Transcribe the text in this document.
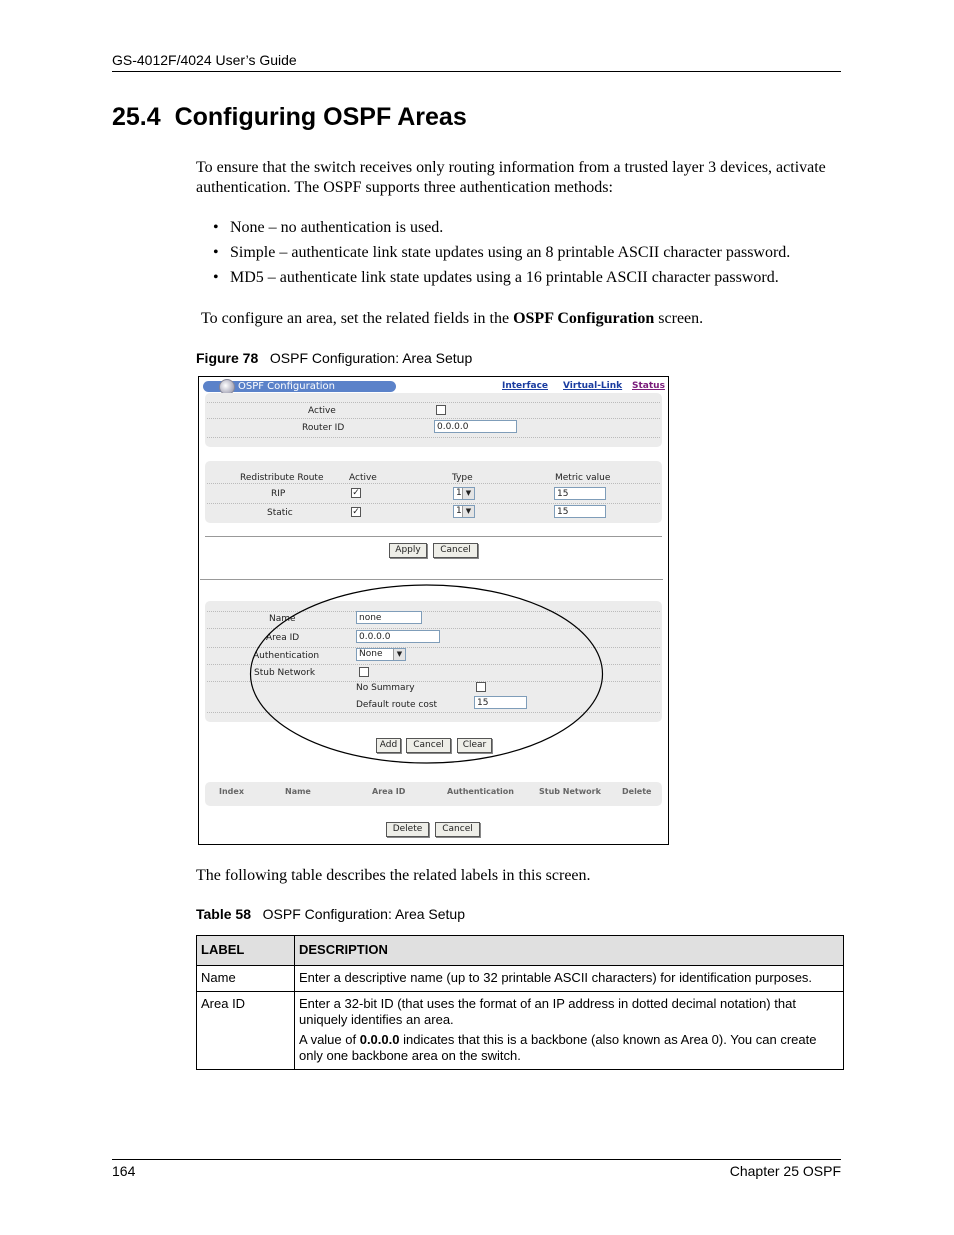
GS-4012F/4024 User’s Guide
25.4 Configuring OSPF Areas
To ensure that the switch receives only routing information from a trusted layer 3 devices, activate authentication. The OSPF supports three authentication methods:
• None – no authentication is used.
• Simple – authenticate link state updates using an 8 printable ASCII character password.
• MD5 – authenticate link state updates using a 16 printable ASCII character password.
To configure an area, set the related fields in the OSPF Configuration screen.
Figure 78 OSPF Configuration: Area Setup
OSPF Configuration	Interface Virtual-Link Status
Active
Router ID	0.0.0.0
Redistribute Route	Active	Type	Metric value
RIP	✓	1 ▼	15
Static	✓	1 ▼	15
Apply	Cancel
Name	none
Area ID	0.0.0.0
Authentication	None	▼
Stub Network
No Summary
Default route cost	15
Add	Cancel	Clear
Index	Name	Area ID	Authentication	Stub Network	Delete
Delete	Cancel
The following table describes the related labels in this screen.
Table 58 OSPF Configuration: Area Setup
LABEL	DESCRIPTION
Name	Enter a descriptive name (up to 32 printable ASCII characters) for identification purposes.

Area ID	Enter a 32-bit ID (that uses the format of an IP address in dotted decimal notation) that uniquely identifies an area.

A value of 0.0.0.0 indicates that this is a backbone (also known as Area 0). You can create only one backbone area on the switch.

164	Chapter 25 OSPF
